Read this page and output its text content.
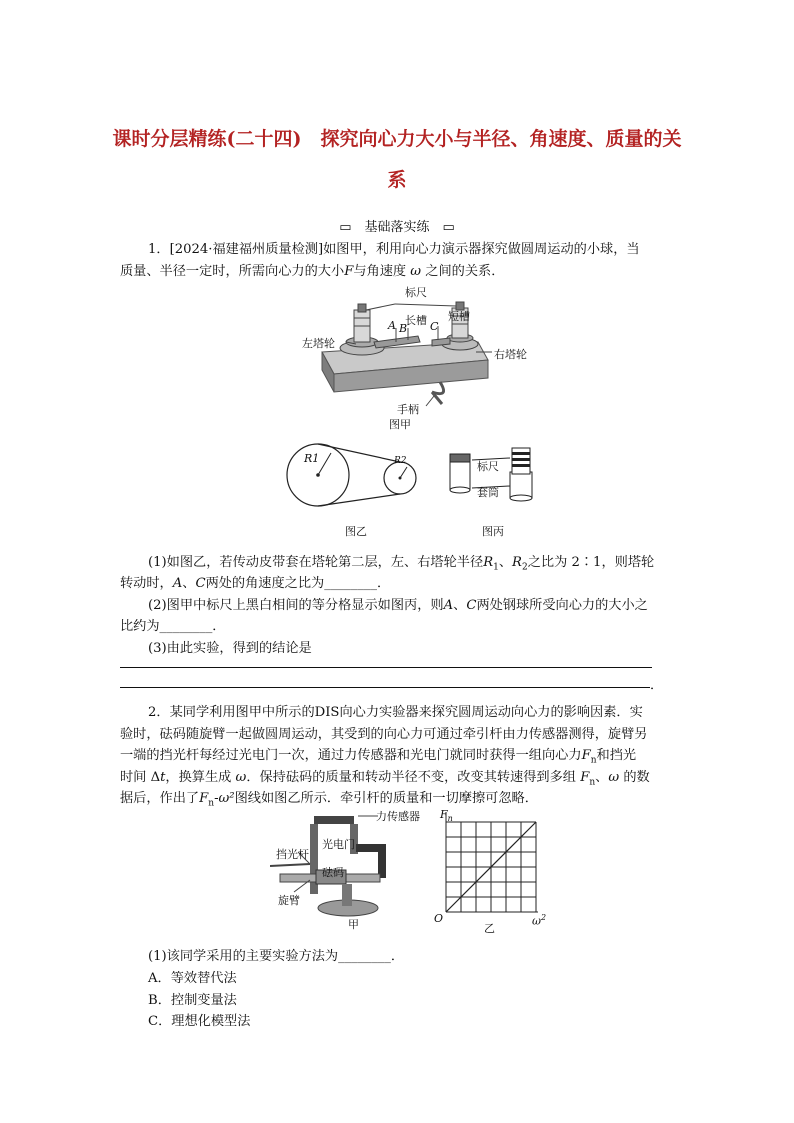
课时分层精练(二十四)　探究向心力大小与半径、角速度、质量的关
系
▭ 基础落实练 ▭
1．[2024·福建福州质量检测]如图甲，利用向心力演示器探究做圆周运动的小球，当
质量、半径一定时，所需向心力的大小F与角速度 ω 之间的关系．
标尺
长槽 短槽
A B C
左塔轮
右塔轮
手柄
图甲
R1	R2
图乙
标尺
套筒
图丙
(1)如图乙，若传动皮带套在塔轮第二层，左、右塔轮半径$R_1$、$R_2$之比为 2∶1，则塔轮
转动时，A、C两处的角速度之比为________．
(2)图甲中标尺上黑白相间的等分格显示如图丙，则A、C两处钢球所受向心力的大小之
比约为________．
(3)由此实验，得到的结论是
．
2．某同学利用图甲中所示的DIS向心力实验器来探究圆周运动向心力的影响因素．实
验时，砝码随旋臂一起做圆周运动，其受到的向心力可通过牵引杆由力传感器测得，旋臂另
一端的挡光杆每经过光电门一次，通过力传感器和光电门就同时获得一组向心力$F_n$和挡光
时间 Δt，换算生成 ω．保持砝码的质量和转动半径不变，改变其转速得到多组 $F_n$、ω 的数
据后，作出了$F_n-\omega^2$图线如图乙所示．牵引杆的质量和一切摩擦可忽略．
力传感器
光电门
挡光杆
砝码
旋臂
甲
$F_n$
O
乙
$\omega^2$
(1)该同学采用的主要实验方法为________．
A．等效替代法
B．控制变量法
C．理想化模型法
